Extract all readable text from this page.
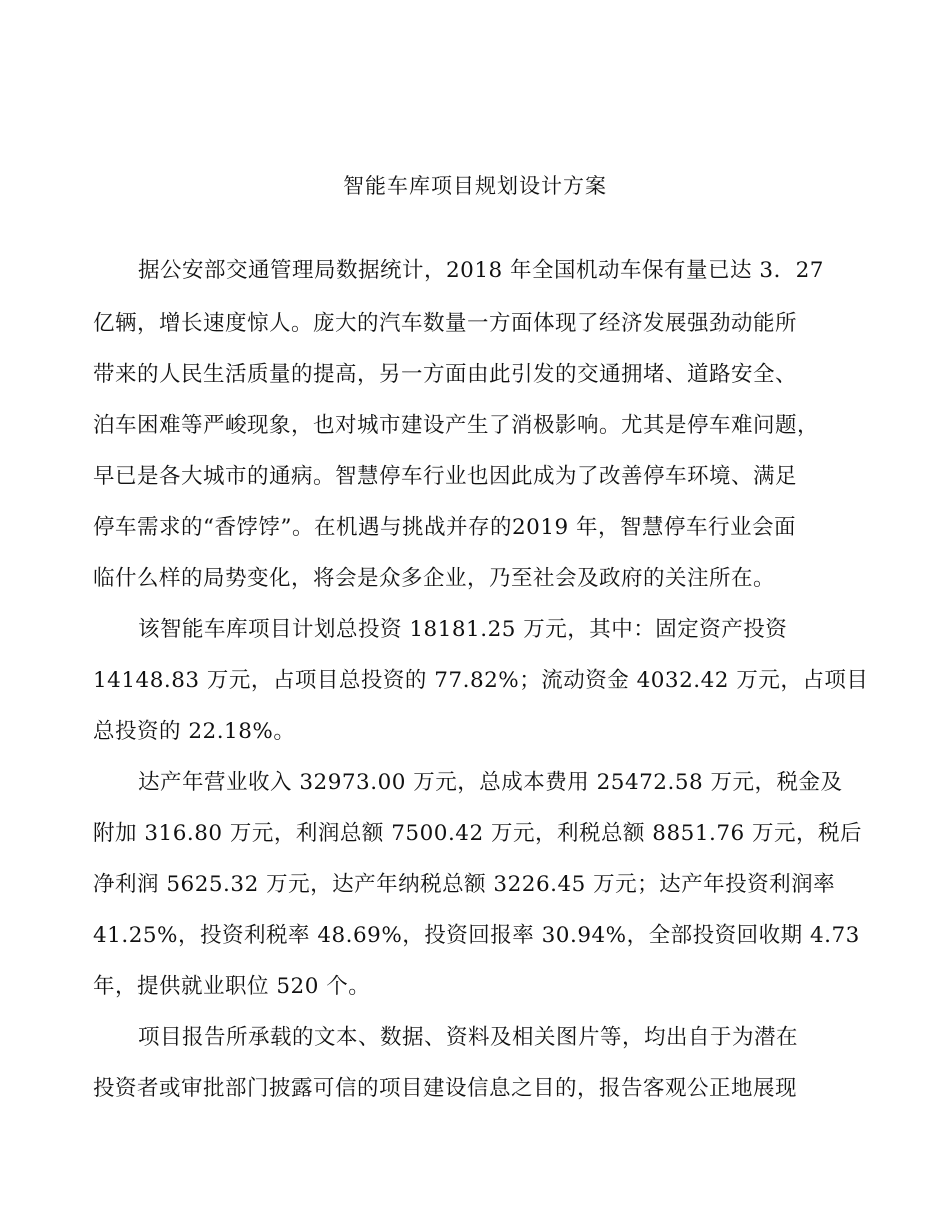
智能车库项目规划设计方案
据公安部交通管理局数据统计，2018 年全国机动车保有量已达 3．27
亿辆，增长速度惊人。庞大的汽车数量一方面体现了经济发展强劲动能所
带来的人民生活质量的提高，另一方面由此引发的交通拥堵、道路安全、
泊车困难等严峻现象，也对城市建设产生了消极影响。尤其是停车难问题，
早已是各大城市的通病。智慧停车行业也因此成为了改善停车环境、满足
停车需求的“香饽饽”。在机遇与挑战并存的2019 年，智慧停车行业会面
临什么样的局势变化，将会是众多企业，乃至社会及政府的关注所在。
该智能车库项目计划总投资 18181.25 万元，其中：固定资产投资
14148.83 万元，占项目总投资的 77.82%；流动资金 4032.42 万元，占项目
总投资的 22.18%。
达产年营业收入 32973.00 万元，总成本费用 25472.58 万元，税金及
附加 316.80 万元，利润总额 7500.42 万元，利税总额 8851.76 万元，税后
净利润 5625.32 万元，达产年纳税总额 3226.45 万元；达产年投资利润率
41.25%，投资利税率 48.69%，投资回报率 30.94%，全部投资回收期 4.73
年，提供就业职位 520 个。
项目报告所承载的文本、数据、资料及相关图片等，均出自于为潜在
投资者或审批部门披露可信的项目建设信息之目的，报告客观公正地展现
